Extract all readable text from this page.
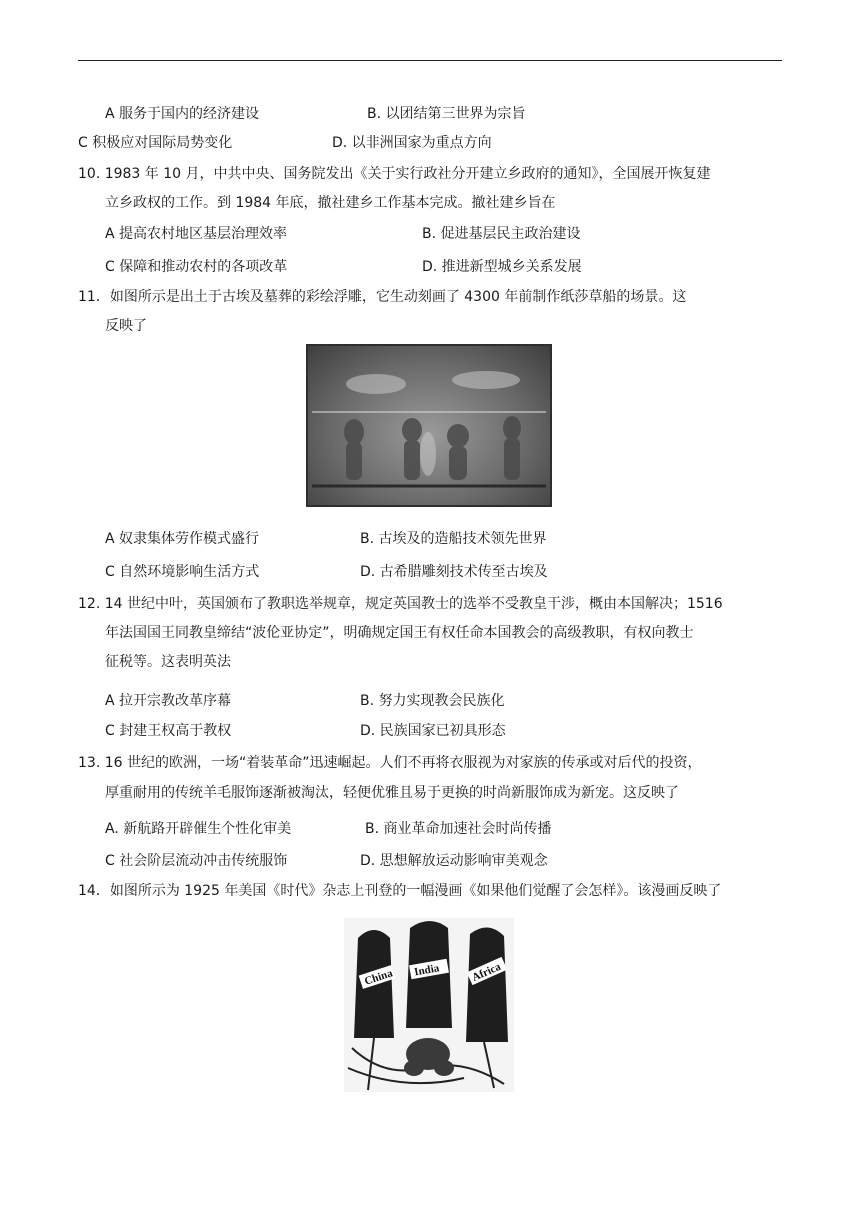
A 服务于国内的经济建设	B. 以团结第三世界为宗旨
C 积极应对国际局势变化	D. 以非洲国家为重点方向
10. 1983 年 10 月，中共中央、国务院发出《关于实行政社分开建立乡政府的通知》，全国展开恢复建
立乡政权的工作。到 1984 年底，撤社建乡工作基本完成。撤社建乡旨在
A 提高农村地区基层治理效率	B. 促进基层民主政治建设
C 保障和推动农村的各项改革	D. 推进新型城乡关系发展
11．如图所示是出土于古埃及墓葬的彩绘浮雕，它生动刻画了 4300 年前制作纸莎草船的场景。这
反映了
A 奴隶集体劳作模式盛行	B. 古埃及的造船技术领先世界
C 自然环境影响生活方式	D. 古希腊雕刻技术传至古埃及
12. 14 世纪中叶，英国颁布了教职选举规章，规定英国教士的选举不受教皇干涉，概由本国解决；1516
年法国国王同教皇缔结“波伦亚协定”，明确规定国王有权任命本国教会的高级教职，有权向教士
征税等。这表明英法
A 拉开宗教改革序幕	B. 努力实现教会民族化
C 封建王权高于教权	D. 民族国家已初具形态
13. 16 世纪的欧洲，一场“着装革命”迅速崛起。人们不再将衣服视为对家族的传承或对后代的投资，
厚重耐用的传统羊毛服饰逐渐被淘汰，轻便优雅且易于更换的时尚新服饰成为新宠。这反映了
A. 新航路开辟催生个性化审美	B. 商业革命加速社会时尚传播
C 社会阶层流动冲击传统服饰	D. 思想解放运动影响审美观念
14．如图所示为 1925 年美国《时代》杂志上刊登的一幅漫画《如果他们觉醒了会怎样》。该漫画反映了
China India	Africa
